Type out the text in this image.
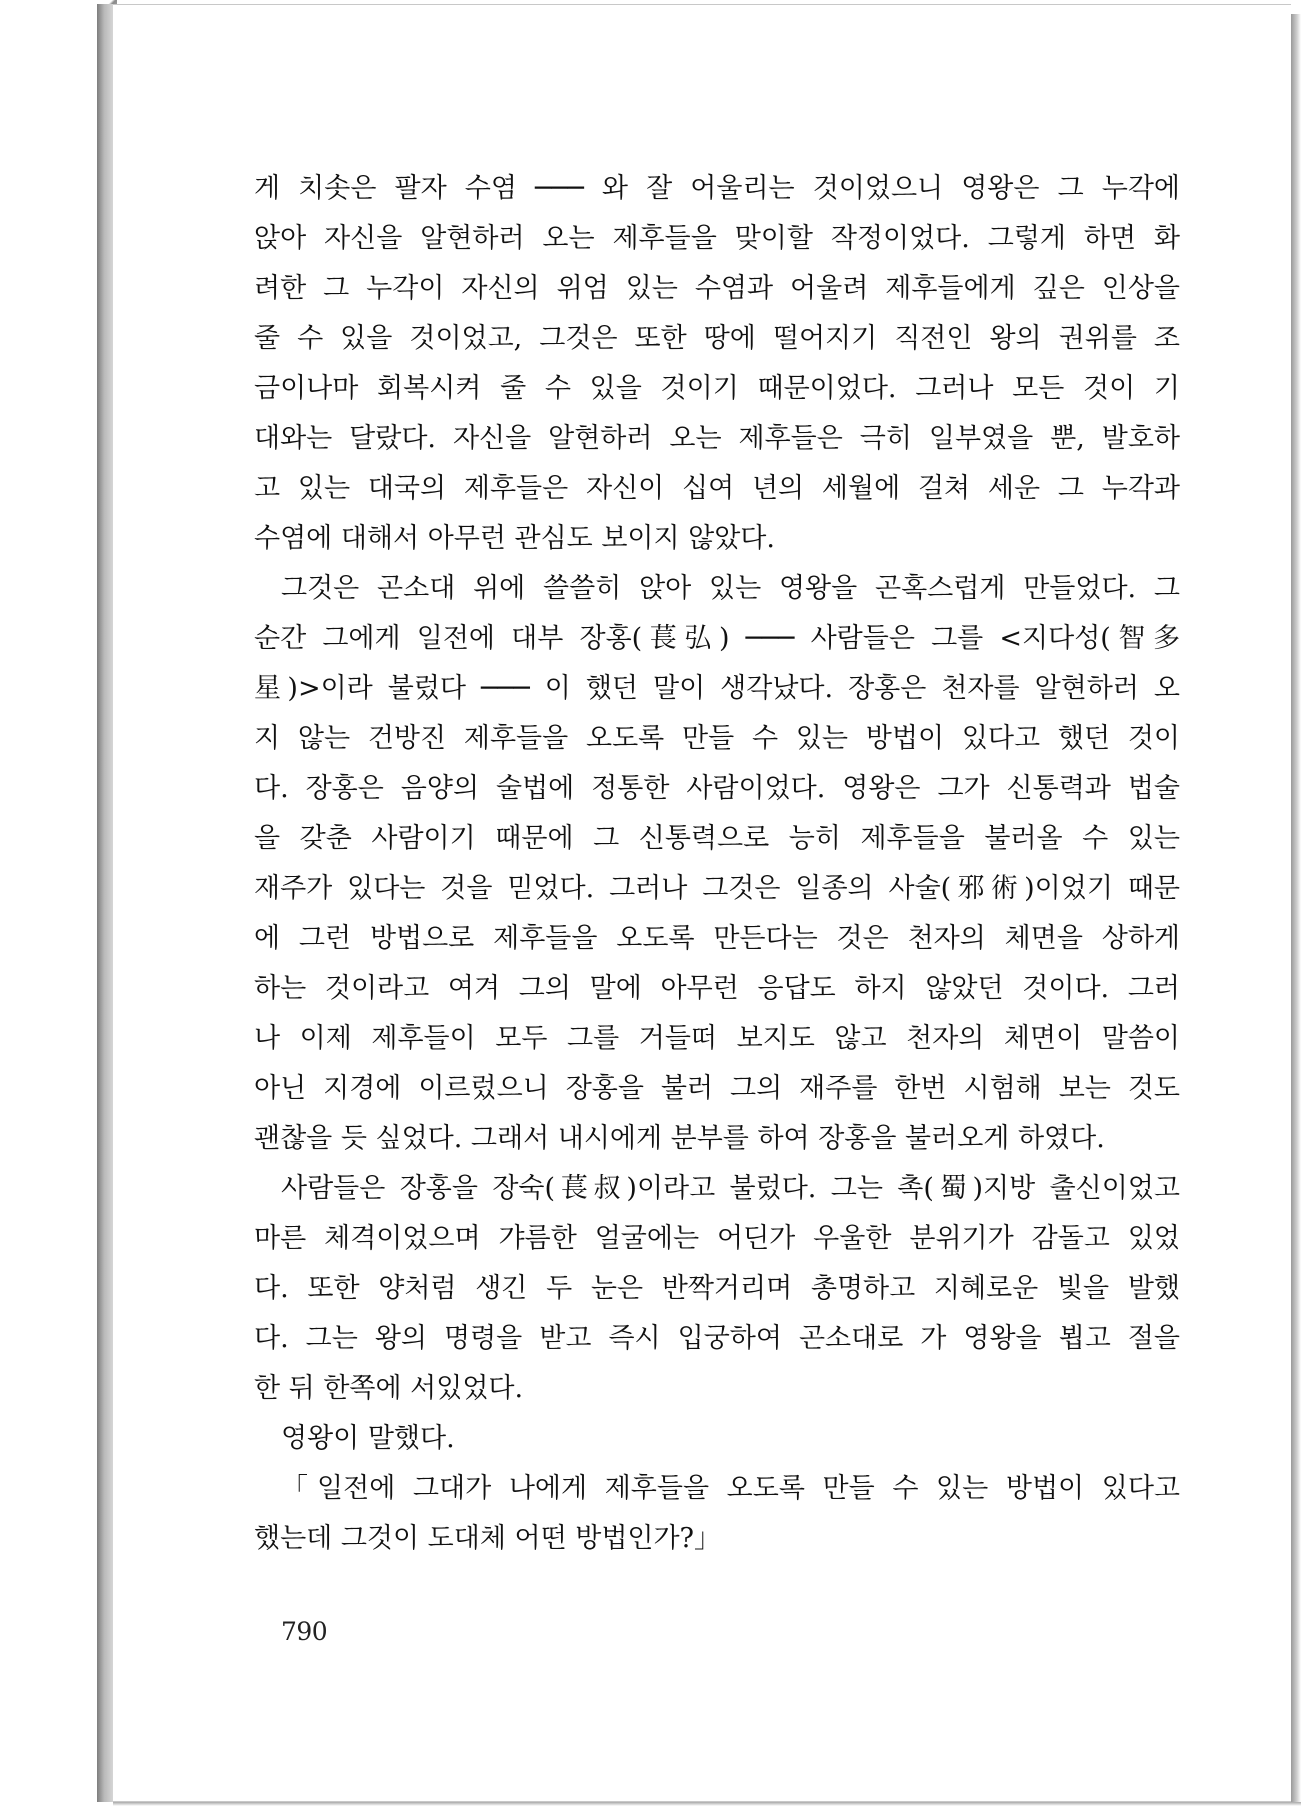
게 치솟은 팔자 수염 ─── 와 잘 어울리는 것이었으니 영왕은 그 누각에
앉아 자신을 알현하러 오는 제후들을 맞이할 작정이었다. 그렇게 하면 화
려한 그 누각이 자신의 위엄 있는 수염과 어울려 제후들에게 깊은 인상을
줄 수 있을 것이었고, 그것은 또한 땅에 떨어지기 직전인 왕의 권위를 조
금이나마 회복시켜 줄 수 있을 것이기 때문이었다. 그러나 모든 것이 기
대와는 달랐다. 자신을 알현하러 오는 제후들은 극히 일부였을 뿐, 발호하
고 있는 대국의 제후들은 자신이 십여 년의 세월에 걸쳐 세운 그 누각과
수염에 대해서 아무런 관심도 보이지 않았다.
그것은 곤소대 위에 쓸쓸히 앉아 있는 영왕을 곤혹스럽게 만들었다. 그
순간 그에게 일전에 대부 장홍(萇弘) ─── 사람들은 그를 <지다성(智多
星)>이라 불렀다 ─── 이 했던 말이 생각났다. 장홍은 천자를 알현하러 오
지 않는 건방진 제후들을 오도록 만들 수 있는 방법이 있다고 했던 것이
다. 장홍은 음양의 술법에 정통한 사람이었다. 영왕은 그가 신통력과 법술
을 갖춘 사람이기 때문에 그 신통력으로 능히 제후들을 불러올 수 있는
재주가 있다는 것을 믿었다. 그러나 그것은 일종의 사술(邪術)이었기 때문
에 그런 방법으로 제후들을 오도록 만든다는 것은 천자의 체면을 상하게
하는 것이라고 여겨 그의 말에 아무런 응답도 하지 않았던 것이다. 그러
나 이제 제후들이 모두 그를 거들떠 보지도 않고 천자의 체면이 말씀이
아닌 지경에 이르렀으니 장홍을 불러 그의 재주를 한번 시험해 보는 것도
괜찮을 듯 싶었다. 그래서 내시에게 분부를 하여 장홍을 불러오게 하였다.
사람들은 장홍을 장숙(萇叔)이라고 불렀다. 그는 촉(蜀)지방 출신이었고
마른 체격이었으며 갸름한 얼굴에는 어딘가 우울한 분위기가 감돌고 있었
다. 또한 양처럼 생긴 두 눈은 반짝거리며 총명하고 지혜로운 빛을 발했
다. 그는 왕의 명령을 받고 즉시 입궁하여 곤소대로 가 영왕을 뵙고 절을
한 뒤 한쪽에 서있었다.
영왕이 말했다.
「일전에 그대가 나에게 제후들을 오도록 만들 수 있는 방법이 있다고
했는데 그것이 도대체 어떤 방법인가?」
790
